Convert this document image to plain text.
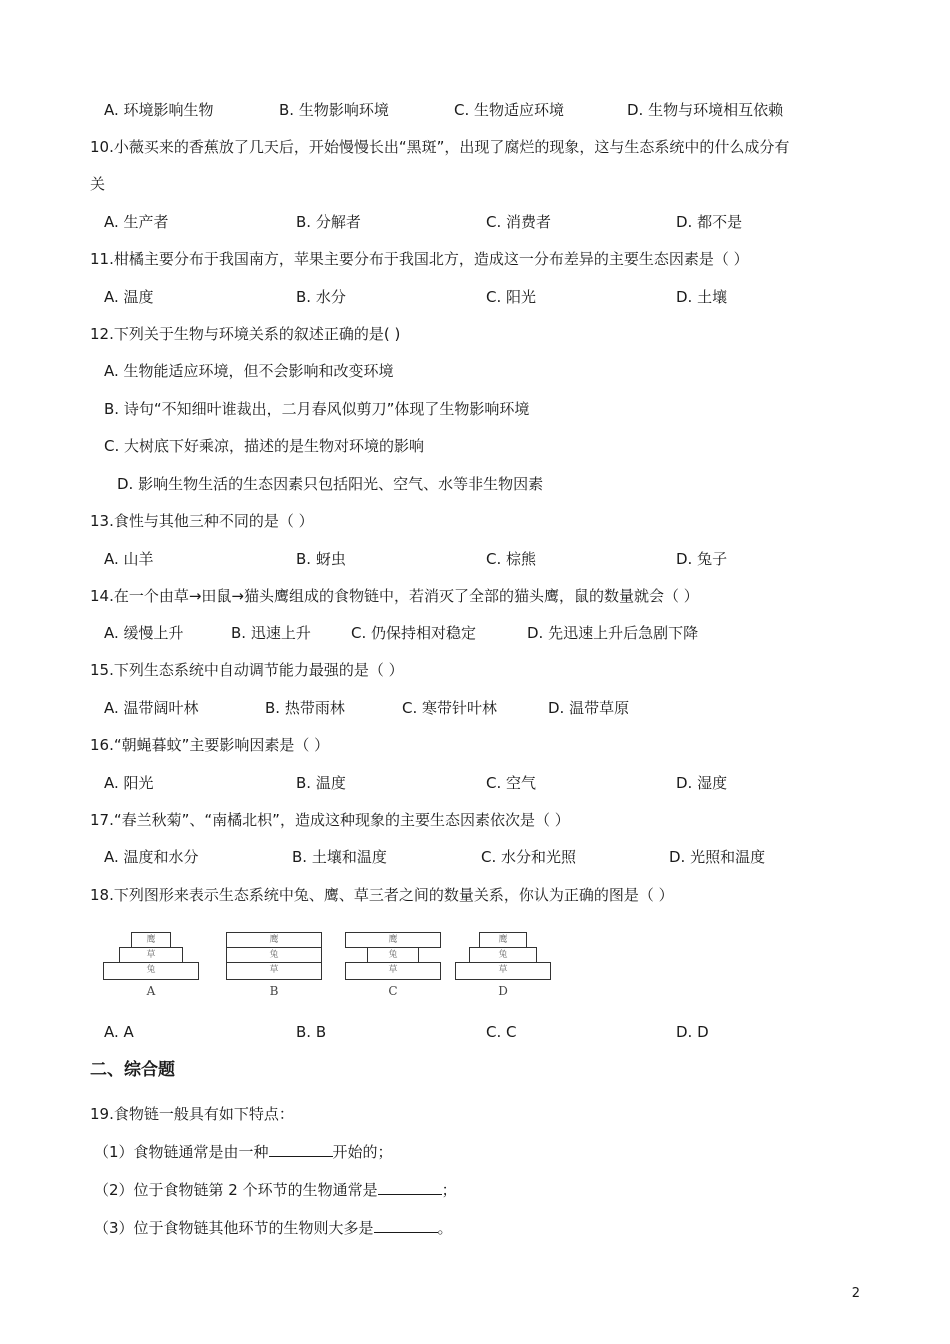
A. 环境影响生物	B. 生物影响环境	C. 生物适应环境	D. 生物与环境相互依赖
10.小薇买来的香蕉放了几天后，开始慢慢长出“黑斑”，出现了腐烂的现象，这与生态系统中的什么成分有
关
A. 生产者	B. 分解者	C. 消费者	D. 都不是
11.柑橘主要分布于我国南方，苹果主要分布于我国北方，造成这一分布差异的主要生态因素是（ ）
A. 温度	B. 水分	C. 阳光	D. 土壤
12.下列关于生物与环境关系的叙述正确的是( )
A. 生物能适应环境，但不会影响和改变环境
B. 诗句“不知细叶谁裁出，二月春风似剪刀”体现了生物影响环境
C. 大树底下好乘凉，描述的是生物对环境的影响
D. 影响生物生活的生态因素只包括阳光、空气、水等非生物因素
13.食性与其他三种不同的是（ ）
A. 山羊	B. 蚜虫	C. 棕熊	D. 兔子
14.在一个由草→田鼠→猫头鹰组成的食物链中，若消灭了全部的猫头鹰，鼠的数量就会（ ）
A. 缓慢上升	B. 迅速上升	C. 仍保持相对稳定	D. 先迅速上升后急剧下降
15.下列生态系统中自动调节能力最强的是（ ）
A. 温带阔叶林	B. 热带雨林	C. 寒带针叶林	D. 温带草原
16.“朝蝇暮蚊”主要影响因素是（ ）
A. 阳光	B. 温度	C. 空气	D. 湿度
17.“春兰秋菊”、“南橘北枳”，造成这种现象的主要生态因素依次是（ ）
A. 温度和水分	B. 土壤和温度	C. 水分和光照	D. 光照和温度
18.下列图形来表示生态系统中兔、鹰、草三者之间的数量关系，你认为正确的图是（ ）
鹰
草
兔
A
鹰
兔
草
B
鹰
兔
草
C
鹰
兔
草
D
A. A	B. B	C. C	D. D
二、综合题
19.食物链一般具有如下特点：
（1）食物链通常是由一种	开始的；
（2）位于食物链第 2 个环节的生物通常是	；
（3）位于食物链其他环节的生物则大多是	。
2
